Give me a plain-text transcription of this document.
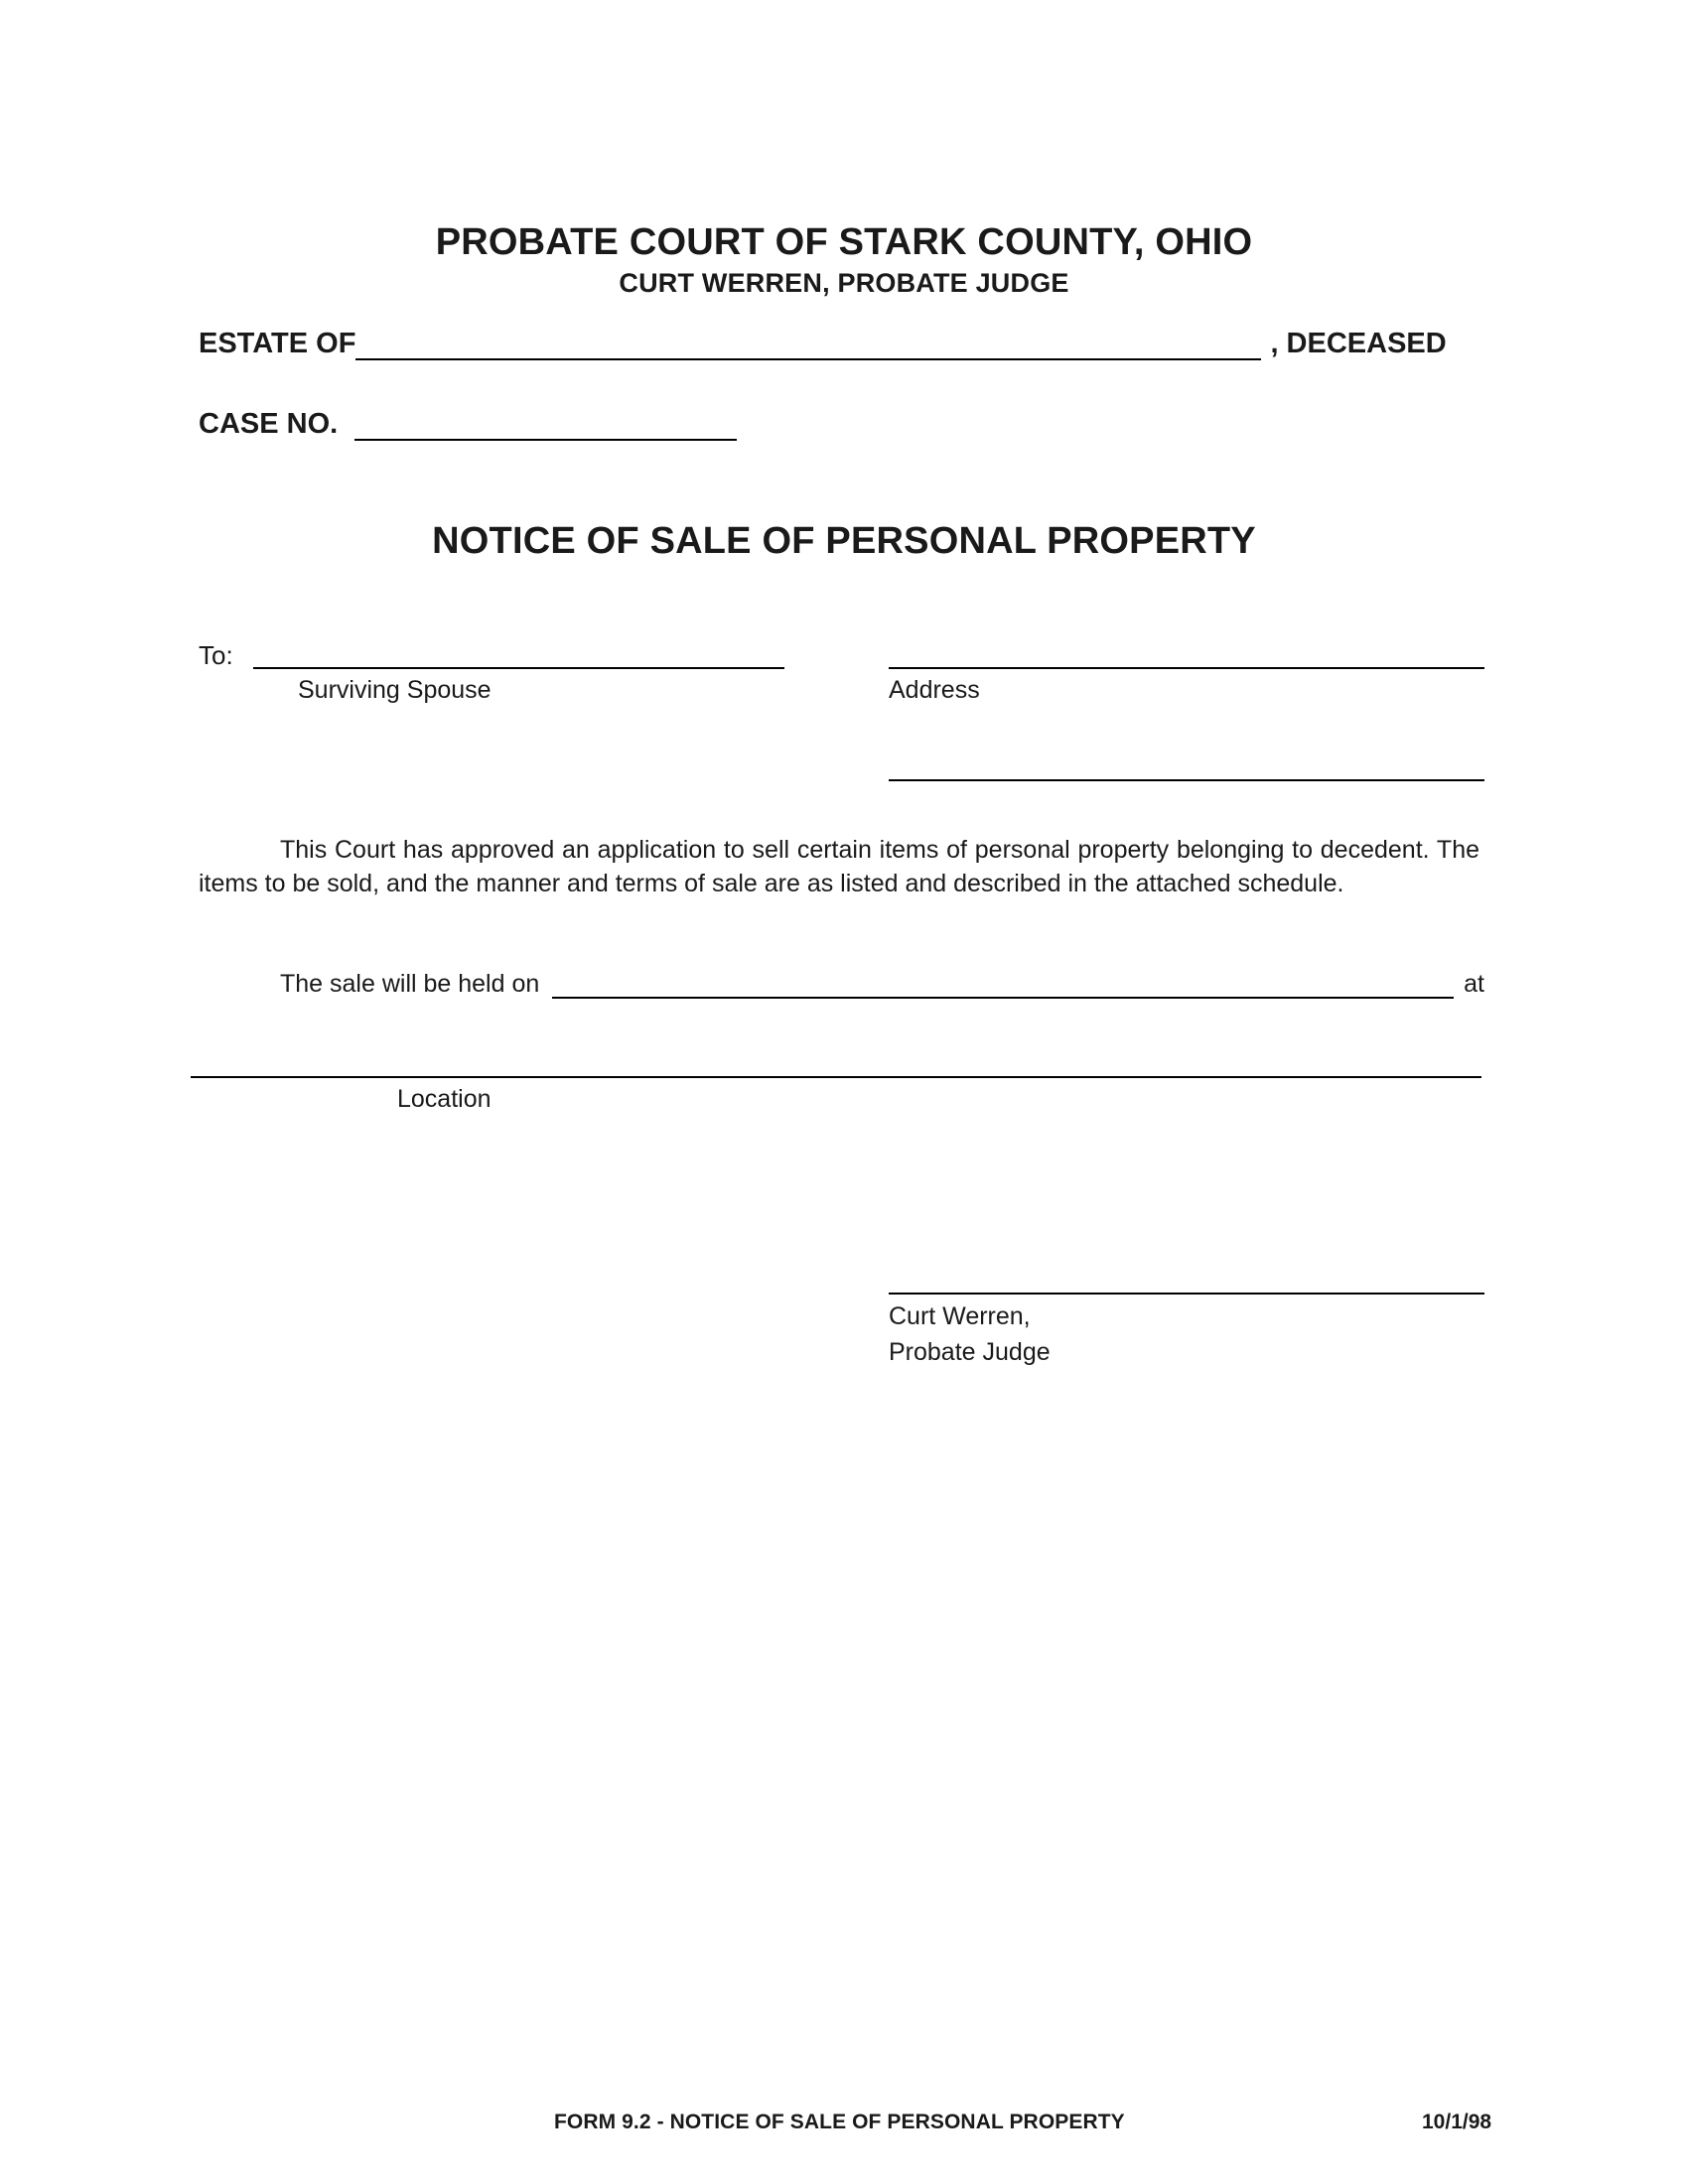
PROBATE COURT OF STARK COUNTY, OHIO
CURT WERREN, PROBATE JUDGE
ESTATE OF	, DECEASED
CASE NO.
NOTICE OF SALE OF PERSONAL PROPERTY
To:
Surviving Spouse	Address
This Court has approved an application to sell certain items of personal property belonging to decedent. The items to be sold, and the manner and terms of sale are as listed and described in the attached schedule.
The sale will be held on	at
Location
Curt Werren,
Probate Judge
FORM 9.2 - NOTICE OF SALE OF PERSONAL PROPERTY	10/1/98
